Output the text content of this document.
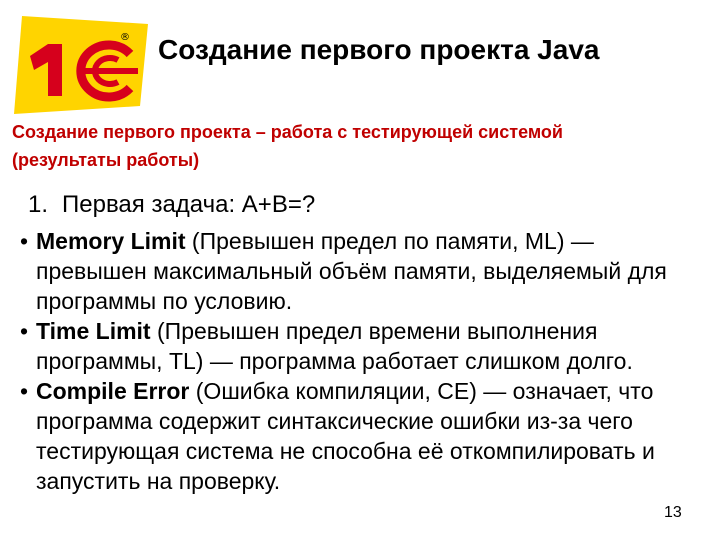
® Создание первого проекта Java
Создание первого проекта – работа с тестирующей системой (результаты работы)
1. Первая задача: A+B=?
• Memory Limit (Превышен предел по памяти, ML) — превышен максимальный объём памяти, выделяемый для программы по условию.
• Time Limit (Превышен предел времени выполнения программы, TL) — программа работает слишком долго.
• Compile Error (Ошибка компиляции, CE) — означает, что программа содержит синтаксические ошибки из-за чего тестирующая система не способна её откомпилировать и запустить на проверку.
13
